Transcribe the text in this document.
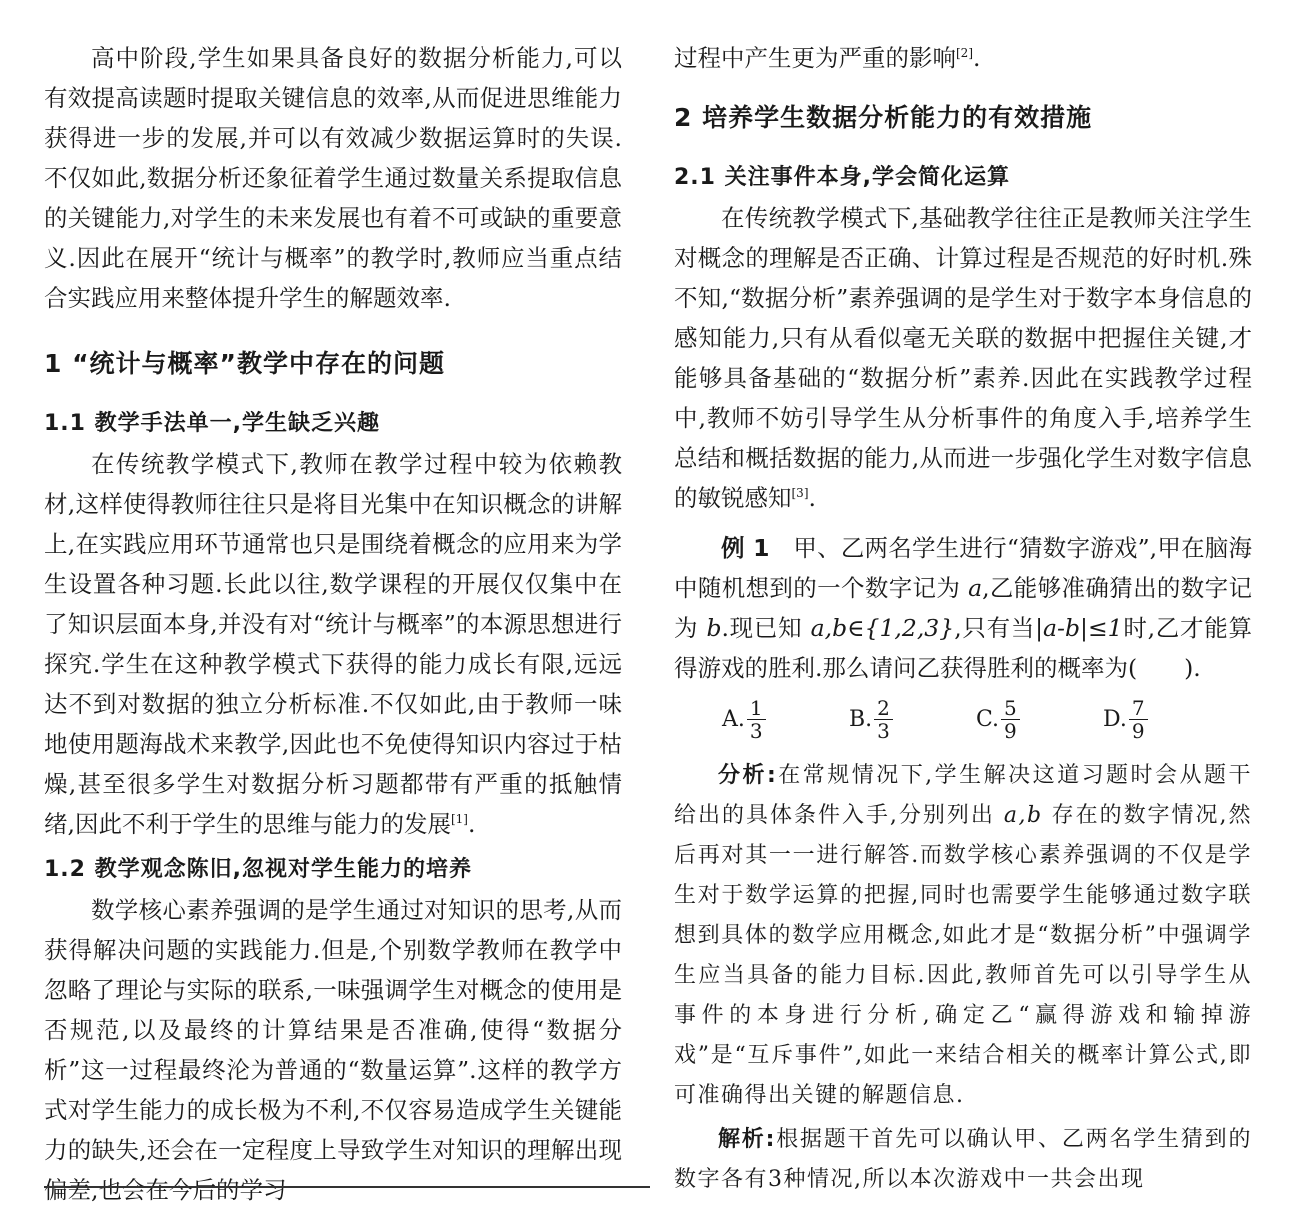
高中阶段,学生如果具备良好的数据分析能力,可以有效提高读题时提取关键信息的效率,从而促进思维能力获得进一步的发展,并可以有效减少数据运算时的失误.不仅如此,数据分析还象征着学生通过数量关系提取信息的关键能力,对学生的未来发展也有着不可或缺的重要意义.因此在展开“统计与概率”的教学时,教师应当重点结合实践应用来整体提升学生的解题效率.

1 “统计与概率”教学中存在的问题
1.1 教学手法单一,学生缺乏兴趣

在传统教学模式下,教师在教学过程中较为依赖教材,这样使得教师往往只是将目光集中在知识概念的讲解上,在实践应用环节通常也只是围绕着概念的应用来为学生设置各种习题.长此以往,数学课程的开展仅仅集中在了知识层面本身,并没有对“统计与概率”的本源思想进行探究.学生在这种教学模式下获得的能力成长有限,远远达不到对数据的独立分析标准.不仅如此,由于教师一味地使用题海战术来教学,因此也不免使得知识内容过于枯燥,甚至很多学生对数据分析习题都带有严重的抵触情绪,因此不利于学生的思维与能力的发展[1].

1.2 教学观念陈旧,忽视对学生能力的培养

数学核心素养强调的是学生通过对知识的思考,从而获得解决问题的实践能力.但是,个别数学教师在教学中忽略了理论与实际的联系,一味强调学生对概念的使用是否规范,以及最终的计算结果是否准确,使得“数据分析”这一过程最终沦为普通的“数量运算”.这样的教学方式对学生能力的成长极为不利,不仅容易造成学生关键能力的缺失,还会在一定程度上导致学生对知识的理解出现偏差,也会在今后的学习

过程中产生更为严重的影响[2].

2 培养学生数据分析能力的有效措施
2.1 关注事件本身,学会简化运算

在传统教学模式下,基础教学往往正是教师关注学生对概念的理解是否正确、计算过程是否规范的好时机.殊不知,“数据分析”素养强调的是学生对于数字本身信息的感知能力,只有从看似毫无关联的数据中把握住关键,才能够具备基础的“数据分析”素养.因此在实践教学过程中,教师不妨引导学生从分析事件的角度入手,培养学生总结和概括数据的能力,从而进一步强化学生对数字信息的敏锐感知[3].

例 1　 甲、乙两名学生进行“猜数字游戏”,甲在脑海中随机想到的一个数字记为 a,乙能够准确猜出的数字记为 b.现已知 a,b∈{1,2,3},只有当|a-b|≤1时,乙才能算得游戏的胜利.那么请问乙获得胜利的概率为(　　).

A. $\frac{1}{3}$	B. $\frac{2}{3}$	C. $\frac{5}{9}$	D. $\frac{7}{9}$

分析:在常规情况下,学生解决这道习题时会从题干给出的具体条件入手,分别列出 a,b 存在的数字情况,然后再对其一一进行解答.而数学核心素养强调的不仅是学生对于数学运算的把握,同时也需要学生能够通过数字联想到具体的数学应用概念,如此才是“数据分析”中强调学生应当具备的能力目标.因此,教师首先可以引导学生从事件的本身进行分析,确定乙“赢得游戏和输掉游戏”是“互斥事件”,如此一来结合相关的概率计算公式,即可准确得出关键的解题信息.

解析:根据题干首先可以确认甲、乙两名学生猜到的数字各有3种情况,所以本次游戏中一共会出现
